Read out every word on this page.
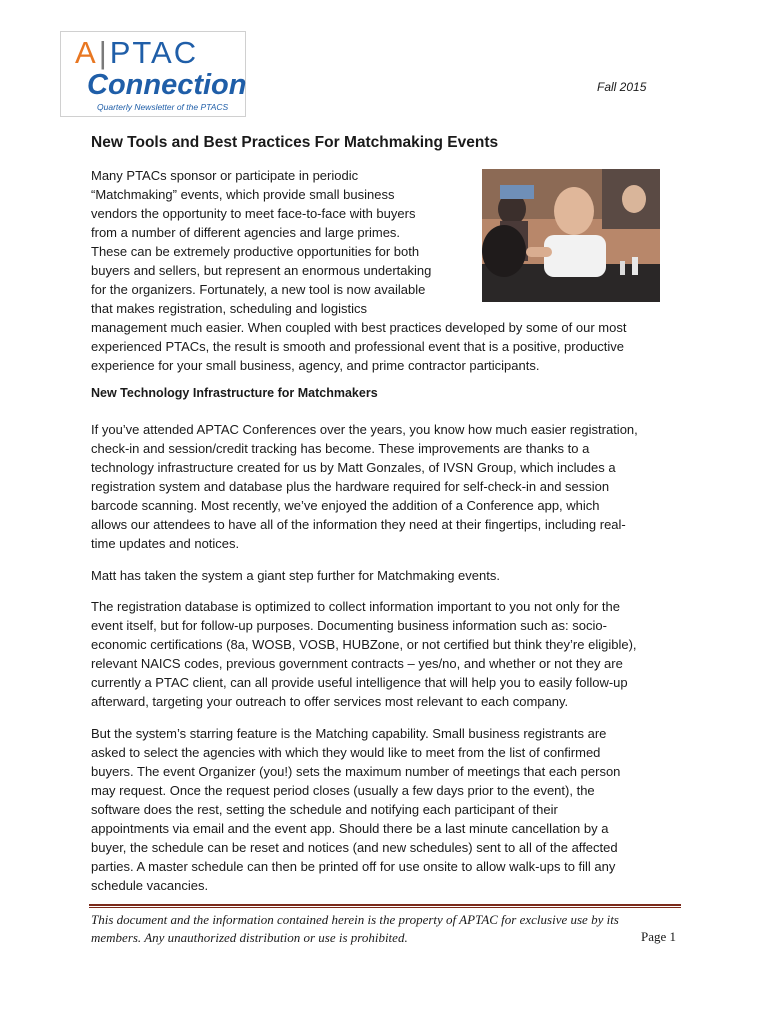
A|PTAC
Connection
Quarterly Newsletter of the PTACS
Fall 2015
New Tools and Best Practices For Matchmaking Events
Many PTACs sponsor or participate in periodic
“Matchmaking” events, which provide small business
vendors the opportunity to meet face-to-face with buyers
from a number of different agencies and large primes.
These can be extremely productive opportunities for both
buyers and sellers, but represent an enormous undertaking
for the organizers. Fortunately, a new tool is now available
that makes registration, scheduling and logistics
management much easier. When coupled with best practices developed by some of our most
experienced PTACs, the result is smooth and professional event that is a positive, productive
experience for your small business, agency, and prime contractor participants.
New Technology Infrastructure for Matchmakers
If you’ve attended APTAC Conferences over the years, you know how much easier registration,
check-in and session/credit tracking has become. These improvements are thanks to a
technology infrastructure created for us by Matt Gonzales, of IVSN Group, which includes a
registration system and database plus the hardware required for self-check-in and session
barcode scanning. Most recently, we’ve enjoyed the addition of a Conference app, which
allows our attendees to have all of the information they need at their fingertips, including real-
time updates and notices.
Matt has taken the system a giant step further for Matchmaking events.
The registration database is optimized to collect information important to you not only for the
event itself, but for follow-up purposes. Documenting business information such as: socio-
economic certifications (8a, WOSB, VOSB, HUBZone, or not certified but think they’re eligible),
relevant NAICS codes, previous government contracts – yes/no, and whether or not they are
currently a PTAC client, can all provide useful intelligence that will help you to easily follow-up
afterward, targeting your outreach to offer services most relevant to each company.
But the system’s starring feature is the Matching capability. Small business registrants are
asked to select the agencies with which they would like to meet from the list of confirmed
buyers. The event Organizer (you!) sets the maximum number of meetings that each person
may request. Once the request period closes (usually a few days prior to the event), the
software does the rest, setting the schedule and notifying each participant of their
appointments via email and the event app. Should there be a last minute cancellation by a
buyer, the schedule can be reset and notices (and new schedules) sent to all of the affected
parties. A master schedule can then be printed off for use onsite to allow walk-ups to fill any
schedule vacancies.
This document and the information contained herein is the property of APTAC for exclusive use by its
members. Any unauthorized distribution or use is prohibited.	Page 1
